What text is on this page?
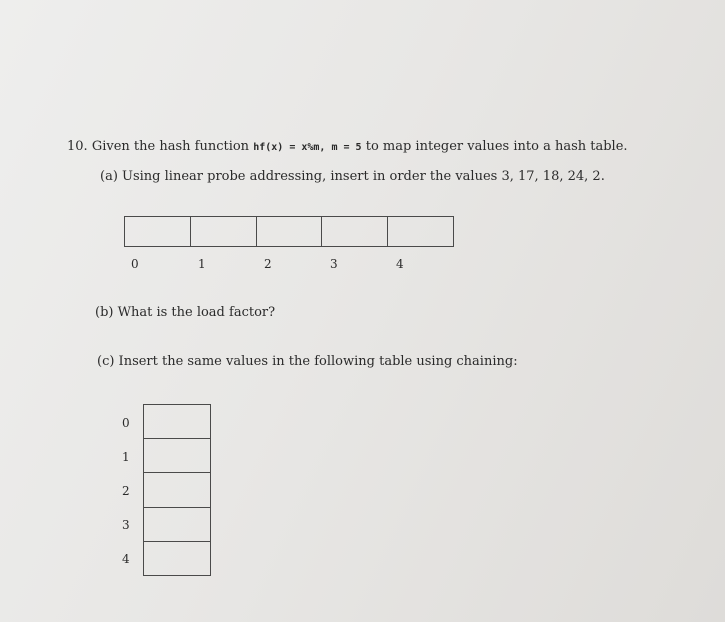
10. Given the hash function hf(x) = x%m, m = 5 to map integer values into a hash table.
(a) Using linear probe addressing, insert in order the values 3, 17, 18, 24, 2.
0	1	2	3	4
(b) What is the load factor?
(c) Insert the same values in the following table using chaining:
0
1
2
3
4
